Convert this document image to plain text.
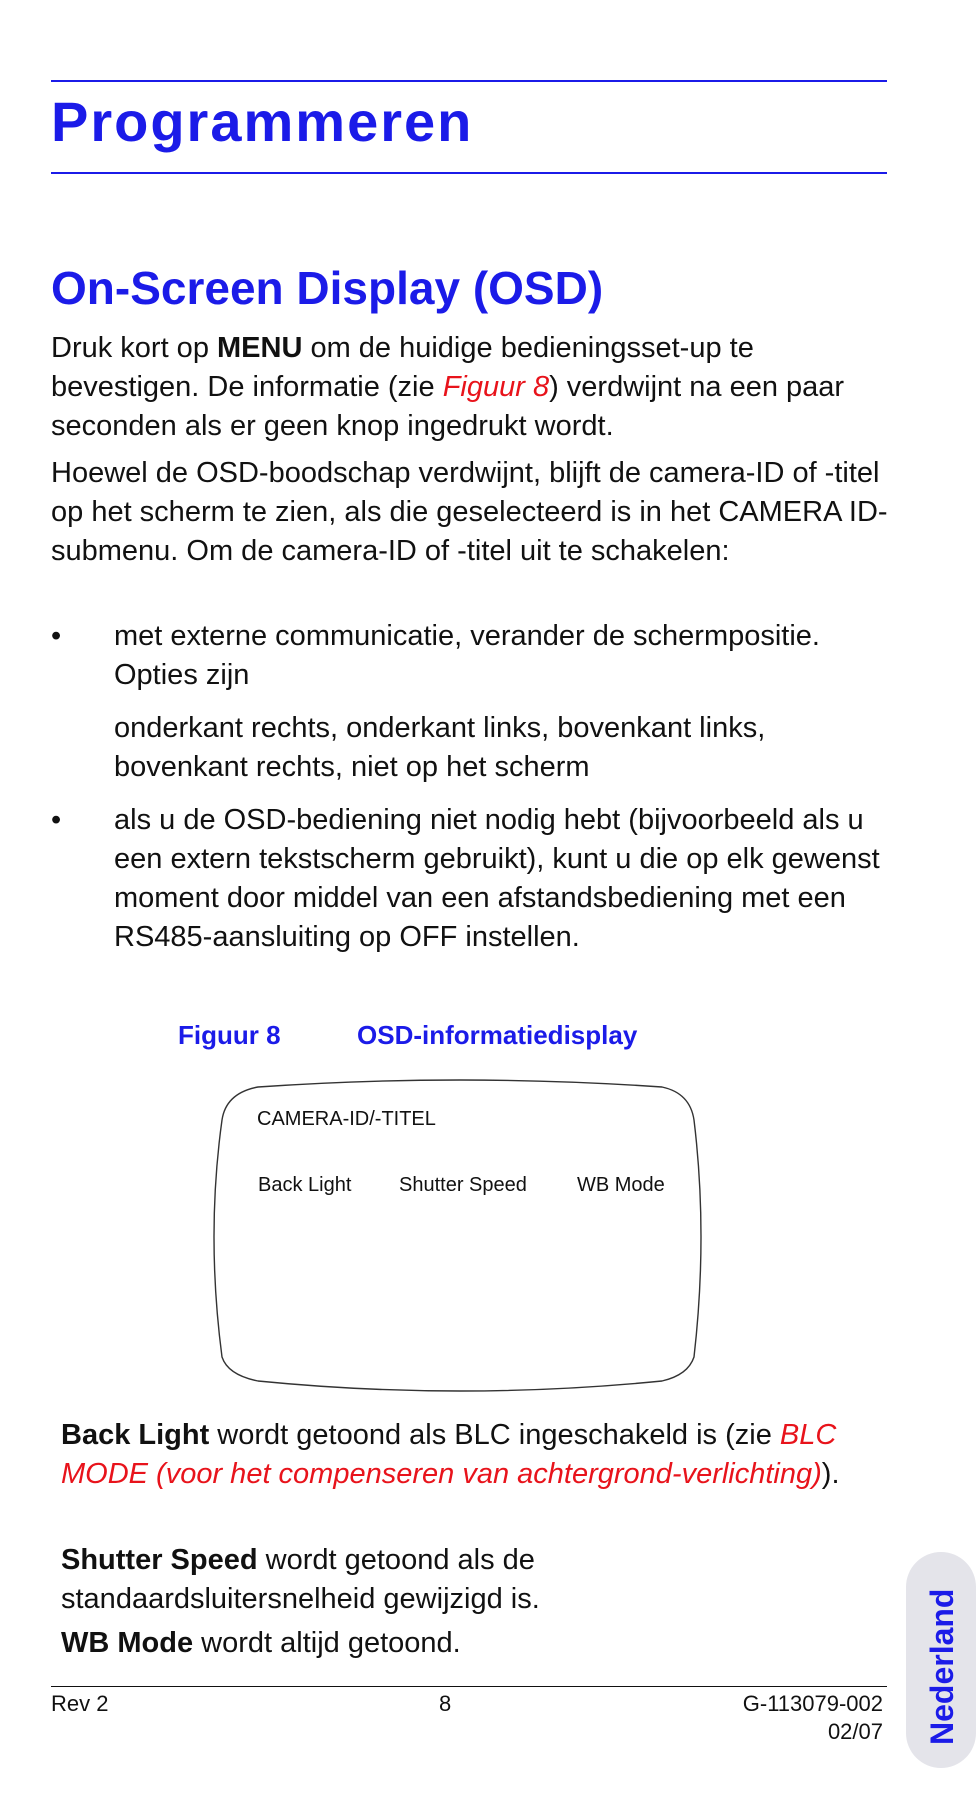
Programmeren
On-Screen Display (OSD)

Druk kort op MENU om de huidige bedieningsset-up te bevestigen. De informatie (zie Figuur 8) verdwijnt na een paar seconden als er geen knop ingedrukt wordt.

Hoewel de OSD-boodschap verdwijnt, blijft de camera-ID of -titel op het scherm te zien, als die geselecteerd is in het CAMERA ID-submenu. Om de camera-ID of -titel uit te schakelen:

• met externe communicatie, verander de schermpositie. Opties zijn

onderkant rechts, onderkant links, bovenkant links, bovenkant rechts, niet op het scherm

• als u de OSD-bediening niet nodig hebt (bijvoorbeeld als u een extern tekstscherm gebruikt), kunt u die op elk gewenst moment door middel van een afstandsbediening met een RS485-aansluiting op OFF instellen.

Figuur 8	OSD-informatiedisplay
CAMERA-ID/-TITEL
Back Light Shutter Speed	WB Mode

Back Light wordt getoond als BLC ingeschakeld is (zie BLC MODE (voor het compenseren van achtergrond-verlichting)).

Shutter Speed wordt getoond als de standaardsluitersnelheid gewijzigd is.

WB Mode wordt altijd getoond.

Rev 2	8	G-113079-002
02/07 Nederland
